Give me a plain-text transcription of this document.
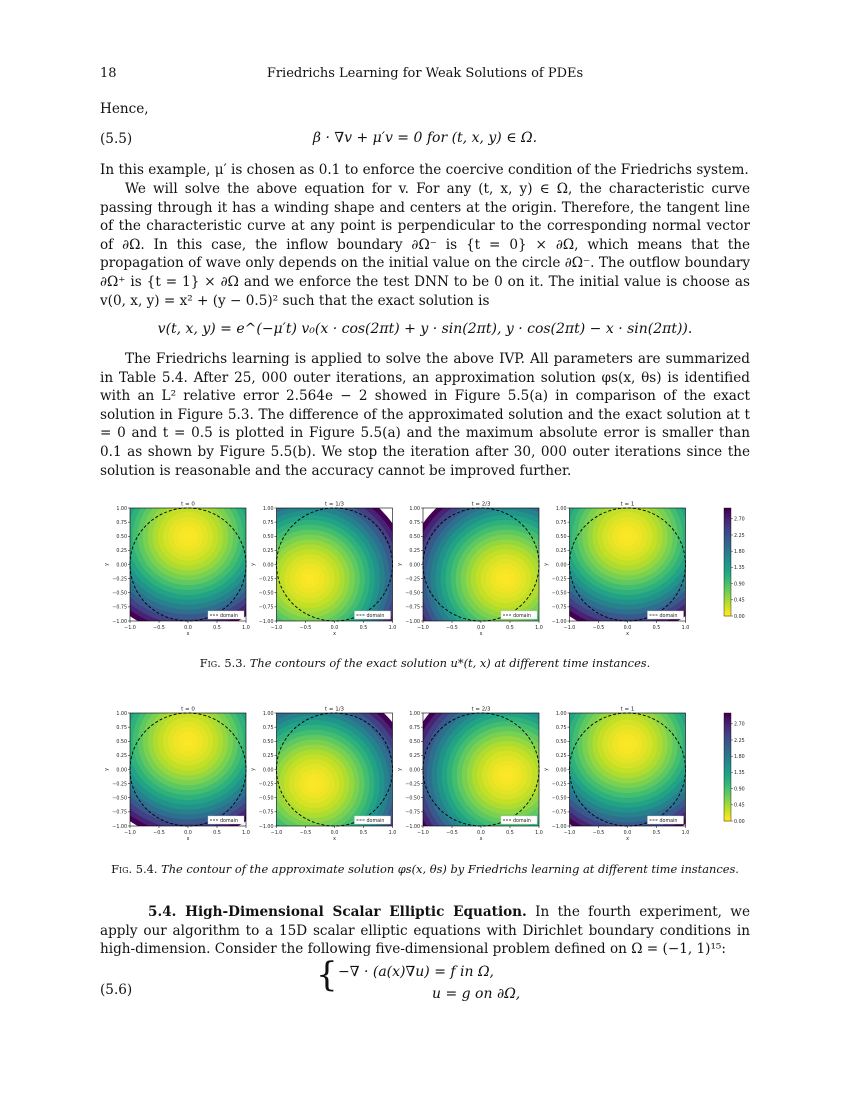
18	Friedrichs Learning for Weak Solutions of PDEs

Hence,

(5.5)	β · ∇v + μ′v = 0 for (t, x, y) ∈ Ω.

In this example, μ′ is chosen as 0.1 to enforce the coercive condition of the Friedrichs system.

We will solve the above equation for v. For any (t, x, y) ∈ Ω, the characteristic curve passing through it has a winding shape and centers at the origin. Therefore, the tangent line of the characteristic curve at any point is perpendicular to the corresponding normal vector of ∂Ω. In this case, the inflow boundary ∂Ω⁻ is {t = 0} × ∂Ω, which means that the propagation of wave only depends on the initial value on the circle ∂Ω⁻. The outflow boundary ∂Ω⁺ is {t = 1} × ∂Ω and we enforce the test DNN to be 0 on it. The initial value is choose as v(0, x, y) = x² + (y − 0.5)² such that the exact solution is

v(t, x, y) = e^(−μ′t) v₀(x · cos(2πt) + y · sin(2πt), y · cos(2πt) − x · sin(2πt)).

The Friedrichs learning is applied to solve the above IVP. All parameters are summarized in Table 5.4. After 25, 000 outer iterations, an approximation solution φs(x, θs) is identified with an L² relative error 2.564e − 2 showed in Figure 5.5(a) in comparison of the exact solution in Figure 5.3. The difference of the approximated solution and the exact solution at t = 0 and t = 0.5 is plotted in Figure 5.5(a) and the maximum absolute error is smaller than 0.1 as shown by Figure 5.5(b). We stop the iteration after 30, 000 outer iterations since the solution is reasonable and the accuracy cannot be improved further.

t = 0
1.00
0.75
0.50
0.25
0.00
−0.25
−0.50
−0.75
−1.00
−1.0	−0.5	0.0	0.5	1.0
x
y
domain
t = 1/3
1.00
0.75
0.50
0.25
0.00
−0.25
−0.50
−0.75
−1.00
−1.0	−0.5	0.0	0.5	1.0
x
y
domain
t = 2/3
1.00
0.75
0.50
0.25
0.00
−0.25
−0.50
−0.75
−1.00
−1.0	−0.5	0.0	0.5	1.0
x
y
domain
t = 1
1.00
0.75
0.50
0.25
0.00
−0.25
−0.50
−0.75
−1.00
−1.0	−0.5	0.0	0.5	1.0
x
y
domain
2.70
2.25
1.80
1.35
0.90
0.45
0.00
Fig. 5.3. The contours of the exact solution u*(t, x) at different time instances.
t = 0
1.00
0.75
0.50
0.25
0.00
−0.25
−0.50
−0.75
−1.00
−1.0	−0.5	0.0	0.5	1.0
x
y
domain
t = 1/3
1.00
0.75
0.50
0.25
0.00
−0.25
−0.50
−0.75
−1.00
−1.0	−0.5	0.0	0.5	1.0
x
y
domain
t = 2/3
1.00
0.75
0.50
0.25
0.00
−0.25
−0.50
−0.75
−1.00
−1.0	−0.5	0.0	0.5	1.0
x
y
domain
t = 1
1.00
0.75
0.50
0.25
0.00
−0.25
−0.50
−0.75
−1.00
−1.0	−0.5	0.0	0.5	1.0
x
y
domain
2.70
2.25
1.80
1.35
0.90
0.45
0.00
Fig. 5.4. The contour of the approximate solution φs(x, θs) by Friedrichs learning at different time instances.

5.4. High-Dimensional Scalar Elliptic Equation. In the fourth experiment, we apply our algorithm to a 15D scalar elliptic equations with Dirichlet boundary conditions in high-dimension. Consider the following five-dimensional problem defined on Ω = (−1, 1)¹⁵:

(5.6)	{ −∇ · (a(x)∇u) = f in Ω,
u = g on ∂Ω,
